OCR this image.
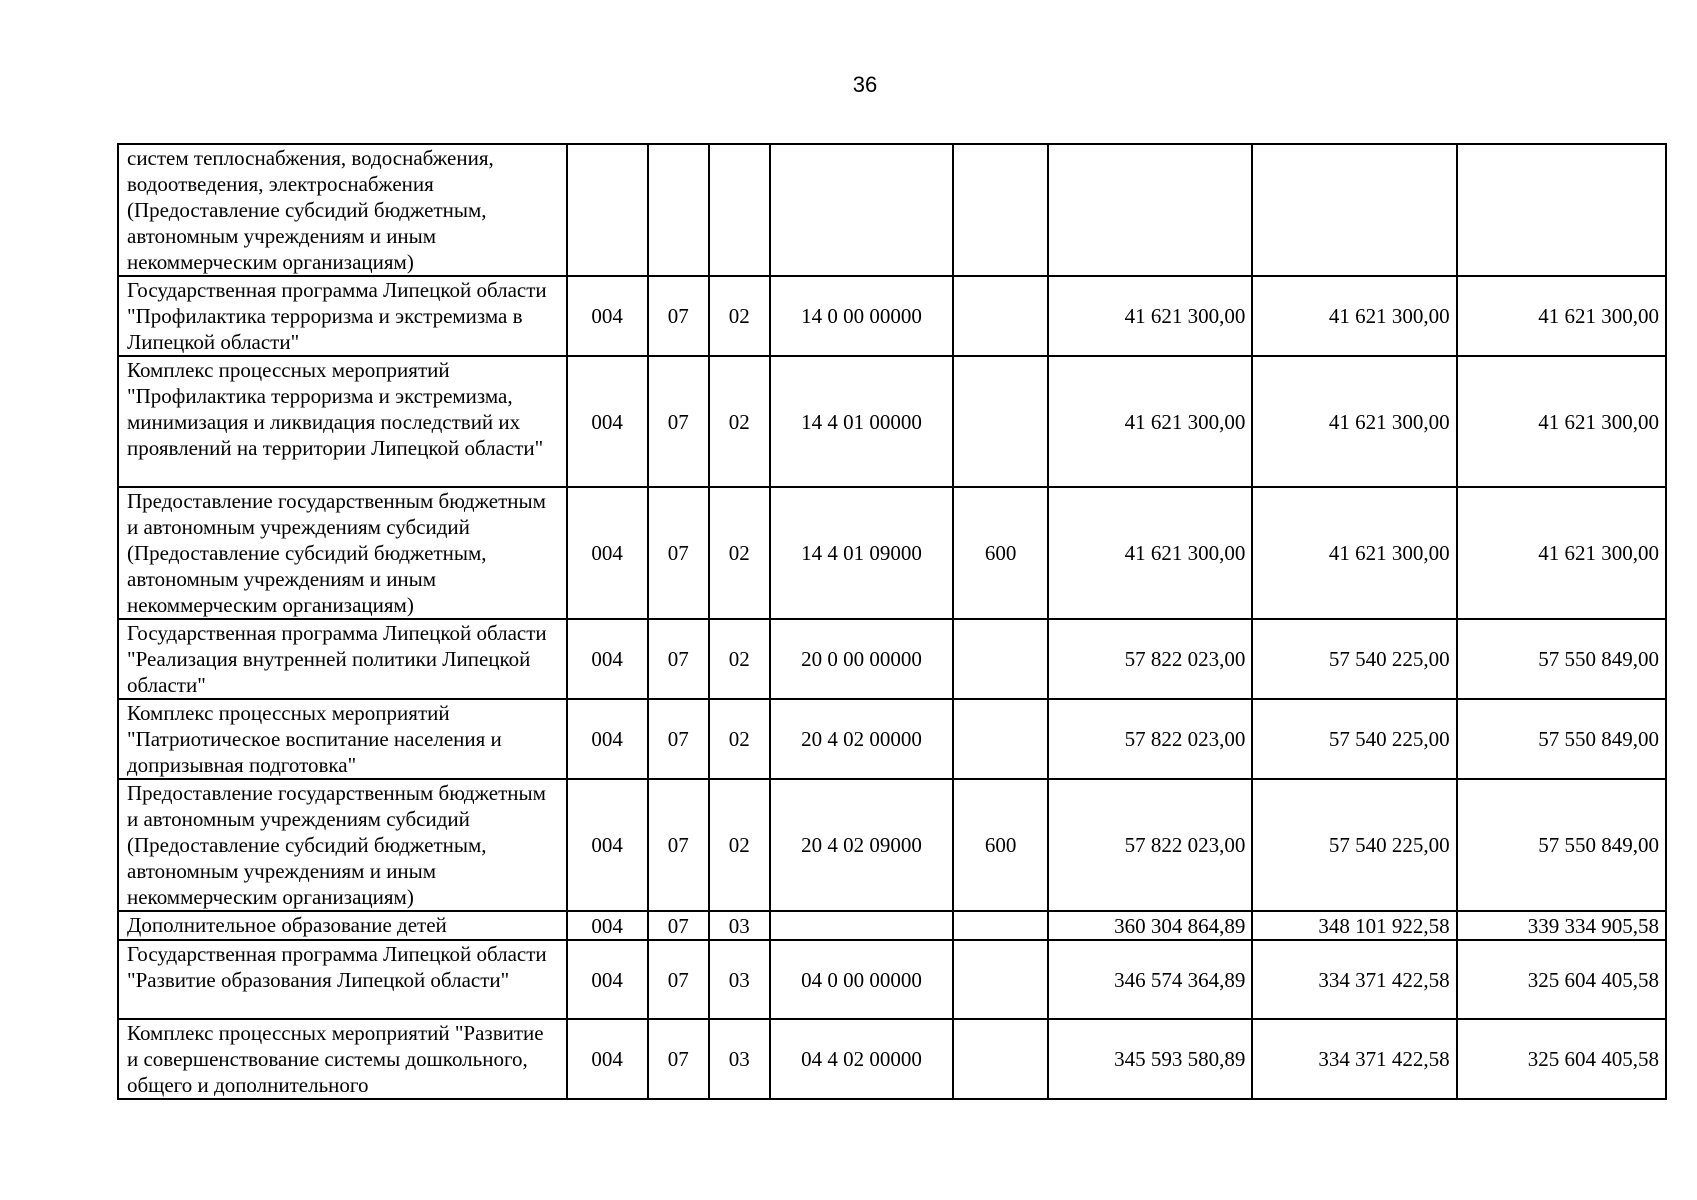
36
систем теплоснабжения, водоснабжения, водоотведения, электроснабжения (Предоставление субсидий бюджетным, автономным учреждениям и иным некоммерческим организациям)								
Государственная программа Липецкой области "Профилактика терроризма и экстремизма в Липецкой области"	004	07	02	14 0 00 00000		41 621 300,00	41 621 300,00	41 621 300,00
Комплекс процессных мероприятий "Профилактика терроризма и экстремизма, минимизация и ликвидация последствий их проявлений на территории Липецкой области"	004	07	02	14 4 01 00000		41 621 300,00	41 621 300,00	41 621 300,00
Предоставление государственным бюджетным и автономным учреждениям субсидий (Предоставление субсидий бюджетным, автономным учреждениям и иным некоммерческим организациям)	004	07	02	14 4 01 09000	600	41 621 300,00	41 621 300,00	41 621 300,00
Государственная программа Липецкой области "Реализация внутренней политики Липецкой области"	004	07	02	20 0 00 00000		57 822 023,00	57 540 225,00	57 550 849,00
Комплекс процессных мероприятий "Патриотическое воспитание населения и допризывная подготовка"	004	07	02	20 4 02 00000		57 822 023,00	57 540 225,00	57 550 849,00
Предоставление государственным бюджетным и автономным учреждениям субсидий (Предоставление субсидий бюджетным, автономным учреждениям и иным некоммерческим организациям)	004	07	02	20 4 02 09000	600	57 822 023,00	57 540 225,00	57 550 849,00
Дополнительное образование детей	004	07	03			360 304 864,89	348 101 922,58	339 334 905,58
Государственная программа Липецкой области "Развитие образования Липецкой области"	004	07	03	04 0 00 00000		346 574 364,89	334 371 422,58	325 604 405,58
Комплекс процессных мероприятий "Развитие и совершенствование системы дошкольного, общего и дополнительного	004	07	03	04 4 02 00000		345 593 580,89	334 371 422,58	325 604 405,58
